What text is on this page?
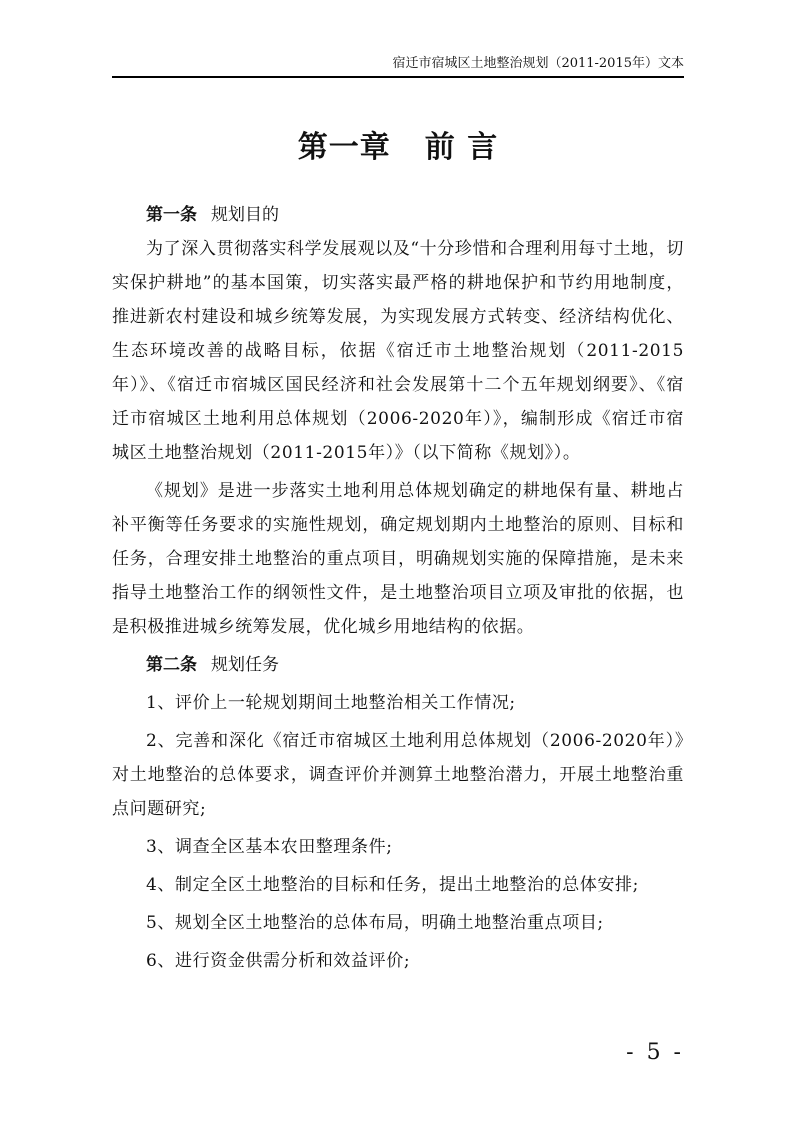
宿迁市宿城区土地整治规划（2011-2015年）文本
第一章 前 言
第一条 规划目的

为了深入贯彻落实科学发展观以及“十分珍惜和合理利用每寸土地，切实保护耕地”的基本国策，切实落实最严格的耕地保护和节约用地制度，推进新农村建设和城乡统筹发展，为实现发展方式转变、经济结构优化、生态环境改善的战略目标，依据《宿迁市土地整治规划（2011-2015年）》、《宿迁市宿城区国民经济和社会发展第十二个五年规划纲要》、《宿迁市宿城区土地利用总体规划（2006-2020年）》，编制形成《宿迁市宿城区土地整治规划（2011-2015年）》（以下简称《规划》）。

《规划》是进一步落实土地利用总体规划确定的耕地保有量、耕地占补平衡等任务要求的实施性规划，确定规划期内土地整治的原则、目标和任务，合理安排土地整治的重点项目，明确规划实施的保障措施，是未来指导土地整治工作的纲领性文件，是土地整治项目立项及审批的依据，也是积极推进城乡统筹发展，优化城乡用地结构的依据。

第二条 规划任务

1、评价上一轮规划期间土地整治相关工作情况;

2、完善和深化《宿迁市宿城区土地利用总体规划（2006-2020年）》对土地整治的总体要求，调查评价并测算土地整治潜力，开展土地整治重点问题研究;

3、调查全区基本农田整理条件;

4、制定全区土地整治的目标和任务，提出土地整治的总体安排;

5、规划全区土地整治的总体布局，明确土地整治重点项目;

6、进行资金供需分析和效益评价;

- 5 -
